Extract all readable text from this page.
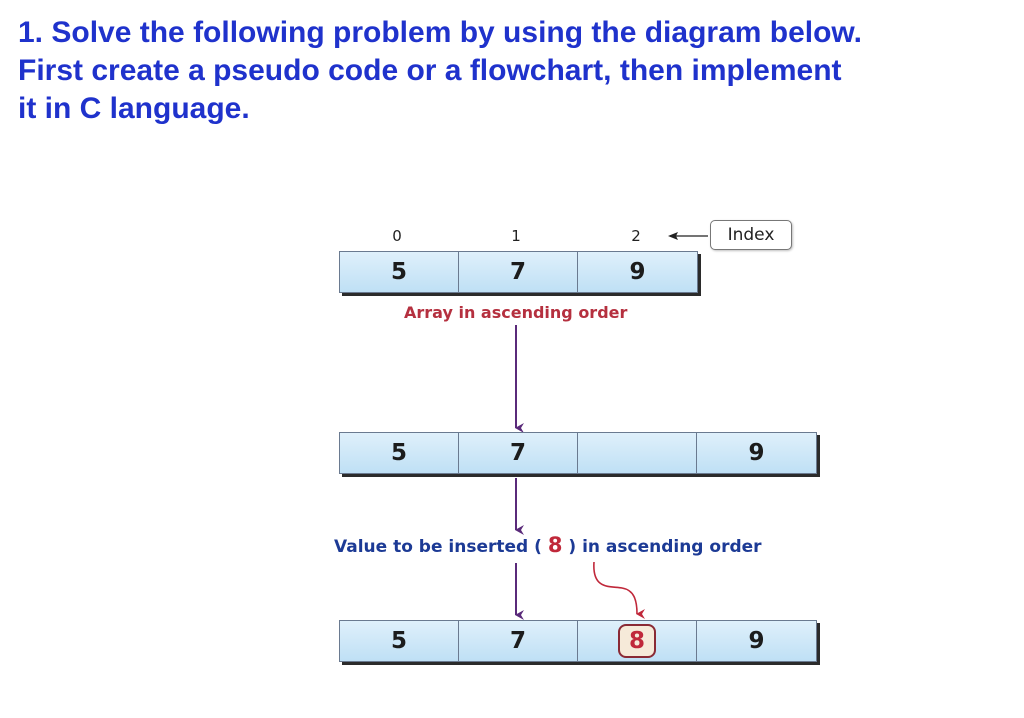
1. Solve the following problem by using the diagram below.
First create a pseudo code or a flowchart, then implement
it in C language.
0	1	2	Index
5	7	9
Array in ascending order
5	7	9
Value to be inserted ( 8 ) in ascending order
5	7	8	9
